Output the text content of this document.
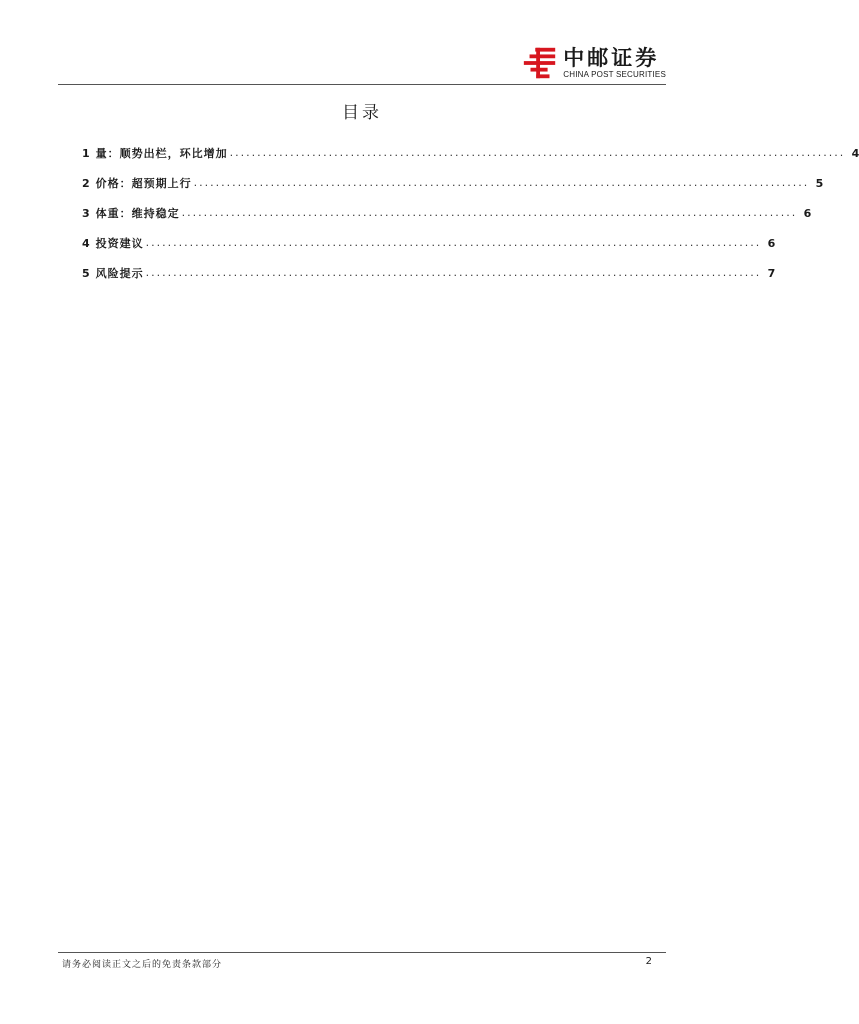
中邮证券
CHINA POST SECURITIES
目录
1 量：顺势出栏，环比增加 ................................................................................................................ 4
2 价格：超预期上行 ................................................................................................................ 5
3 体重：维持稳定 ................................................................................................................ 6
4 投资建议 ................................................................................................................ 6
5 风险提示 ................................................................................................................ 7
请务必阅读正文之后的免责条款部分	2
